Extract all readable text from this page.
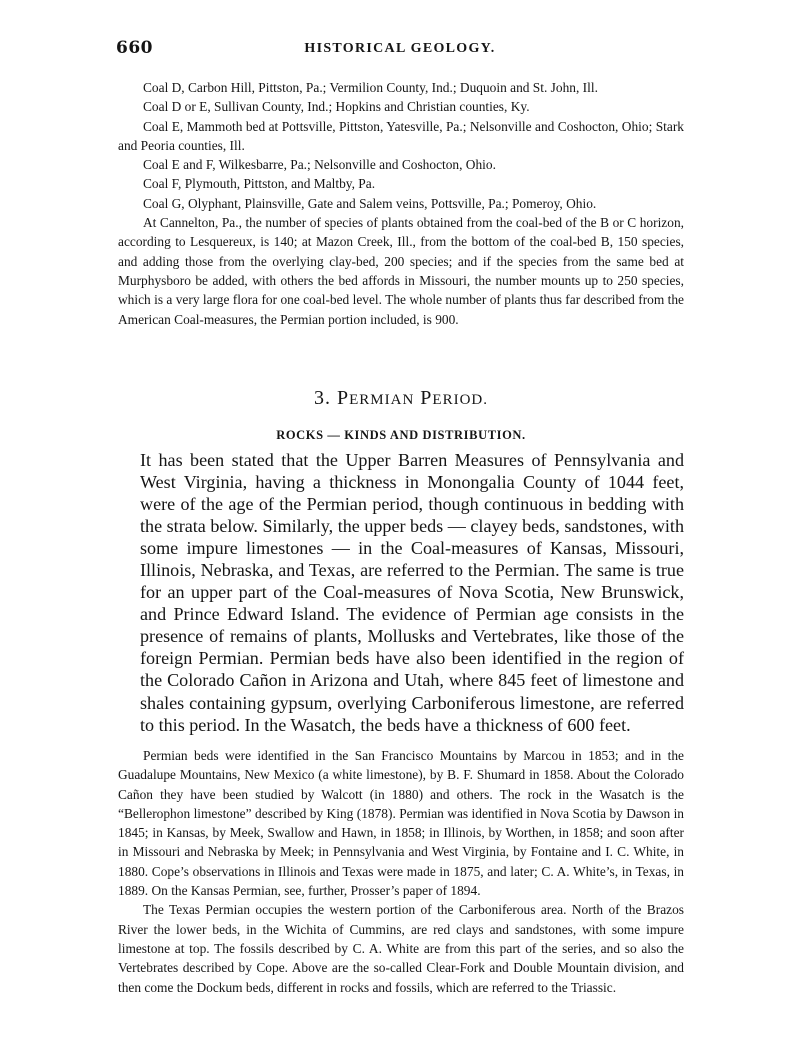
660	HISTORICAL GEOLOGY.

Coal D, Carbon Hill, Pittston, Pa.; Vermilion County, Ind.; Duquoin and St. John, Ill.

Coal D or E, Sullivan County, Ind.; Hopkins and Christian counties, Ky.

Coal E, Mammoth bed at Pottsville, Pittston, Yatesville, Pa.; Nelsonville and Coshocton, Ohio; Stark and Peoria counties, Ill.

Coal E and F, Wilkesbarre, Pa.; Nelsonville and Coshocton, Ohio.

Coal F, Plymouth, Pittston, and Maltby, Pa.

Coal G, Olyphant, Plainsville, Gate and Salem veins, Pottsville, Pa.; Pomeroy, Ohio.

At Cannelton, Pa., the number of species of plants obtained from the coal-bed of the B or C horizon, according to Lesquereux, is 140; at Mazon Creek, Ill., from the bottom of the coal-bed B, 150 species, and adding those from the overlying clay-bed, 200 species; and if the species from the same bed at Murphysboro be added, with others the bed affords in Missouri, the number mounts up to 250 species, which is a very large flora for one coal-bed level. The whole number of plants thus far described from the American Coal-measures, the Permian portion included, is 900.

3. PERMIAN PERIOD.
ROCKS — KINDS AND DISTRIBUTION.

It has been stated that the Upper Barren Measures of Pennsylvania and West Virginia, having a thickness in Monongalia County of 1044 feet, were of the age of the Permian period, though continuous in bedding with the strata below. Similarly, the upper beds — clayey beds, sandstones, with some impure limestones — in the Coal-measures of Kansas, Missouri, Illinois, Nebraska, and Texas, are referred to the Permian. The same is true for an upper part of the Coal-measures of Nova Scotia, New Brunswick, and Prince Edward Island. The evidence of Permian age consists in the presence of remains of plants, Mollusks and Vertebrates, like those of the foreign Permian. Permian beds have also been identified in the region of the Colorado Cañon in Arizona and Utah, where 845 feet of limestone and shales containing gypsum, overlying Carboniferous limestone, are referred to this period. In the Wasatch, the beds have a thickness of 600 feet.

Permian beds were identified in the San Francisco Mountains by Marcou in 1853; and in the Guadalupe Mountains, New Mexico (a white limestone), by B. F. Shumard in 1858. About the Colorado Cañon they have been studied by Walcott (in 1880) and others. The rock in the Wasatch is the “Bellerophon limestone” described by King (1878). Permian was identified in Nova Scotia by Dawson in 1845; in Kansas, by Meek, Swallow and Hawn, in 1858; in Illinois, by Worthen, in 1858; and soon after in Missouri and Nebraska by Meek; in Pennsylvania and West Virginia, by Fontaine and I. C. White, in 1880. Cope’s observations in Illinois and Texas were made in 1875, and later; C. A. White’s, in Texas, in 1889. On the Kansas Permian, see, further, Prosser’s paper of 1894.

The Texas Permian occupies the western portion of the Carboniferous area. North of the Brazos River the lower beds, in the Wichita of Cummins, are red clays and sandstones, with some impure limestone at top. The fossils described by C. A. White are from this part of the series, and so also the Vertebrates described by Cope. Above are the so-called Clear-Fork and Double Mountain division, and then come the Dockum beds, different in rocks and fossils, which are referred to the Triassic.
